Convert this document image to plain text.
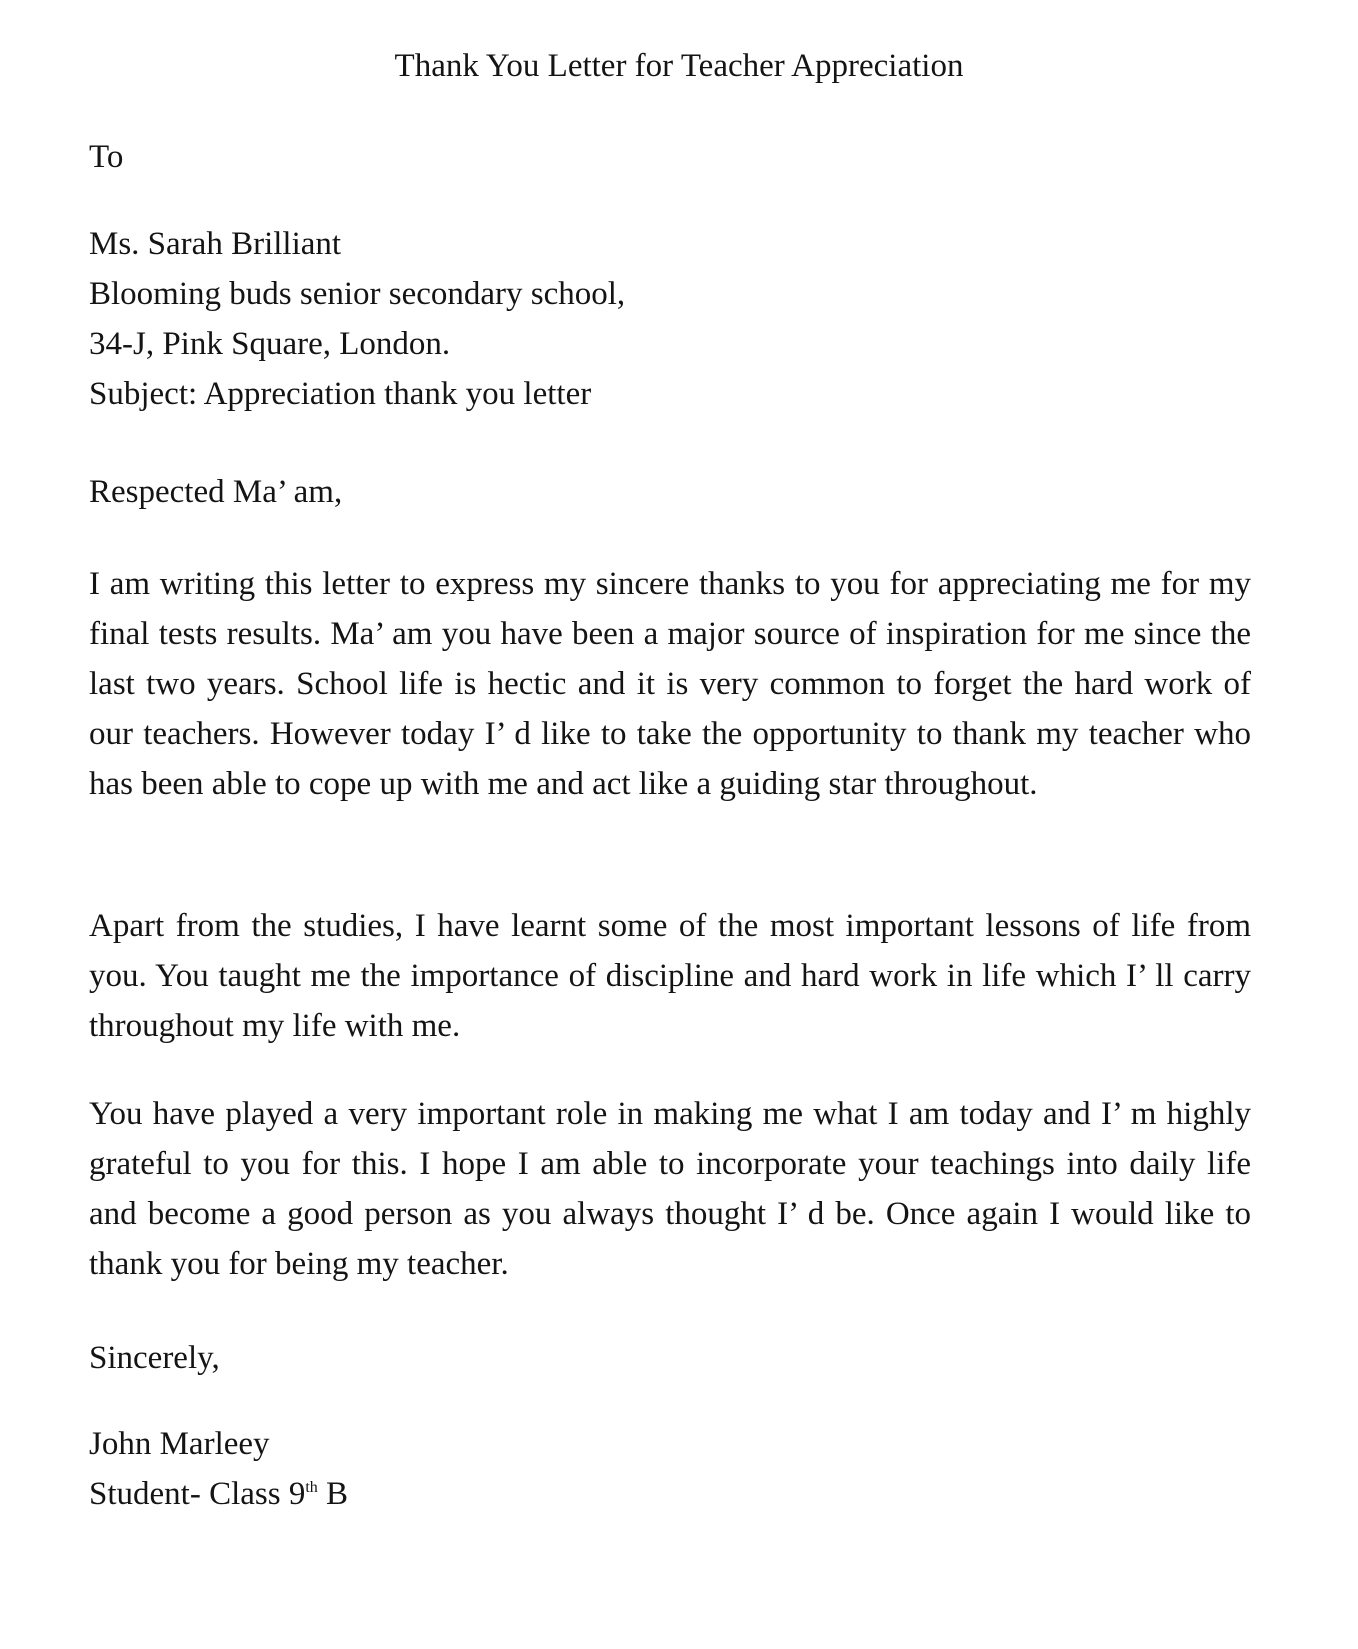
Thank You Letter for Teacher Appreciation
To
Ms. Sarah Brilliant
Blooming buds senior secondary school,
34-J, Pink Square, London.
Subject: Appreciation thank you letter
Respected Ma’ am,

I am writing this letter to express my sincere thanks to you for appreciating me for my final tests results. Ma’ am you have been a major source of inspiration for me since the last two years. School life is hectic and it is very common to forget the hard work of our teachers. However today I’ d like to take the opportunity to thank my teacher who has been able to cope up with me and act like a guiding star throughout.

Apart from the studies, I have learnt some of the most important lessons of life from you. You taught me the importance of discipline and hard work in life which I’ ll carry throughout my life with me.

You have played a very important role in making me what I am today and I’ m highly grateful to you for this. I hope I am able to incorporate your teachings into daily life and become a good person as you always thought I’ d be. Once again I would like to thank you for being my teacher.

Sincerely,
John Marleey
Student- Class 9th B
